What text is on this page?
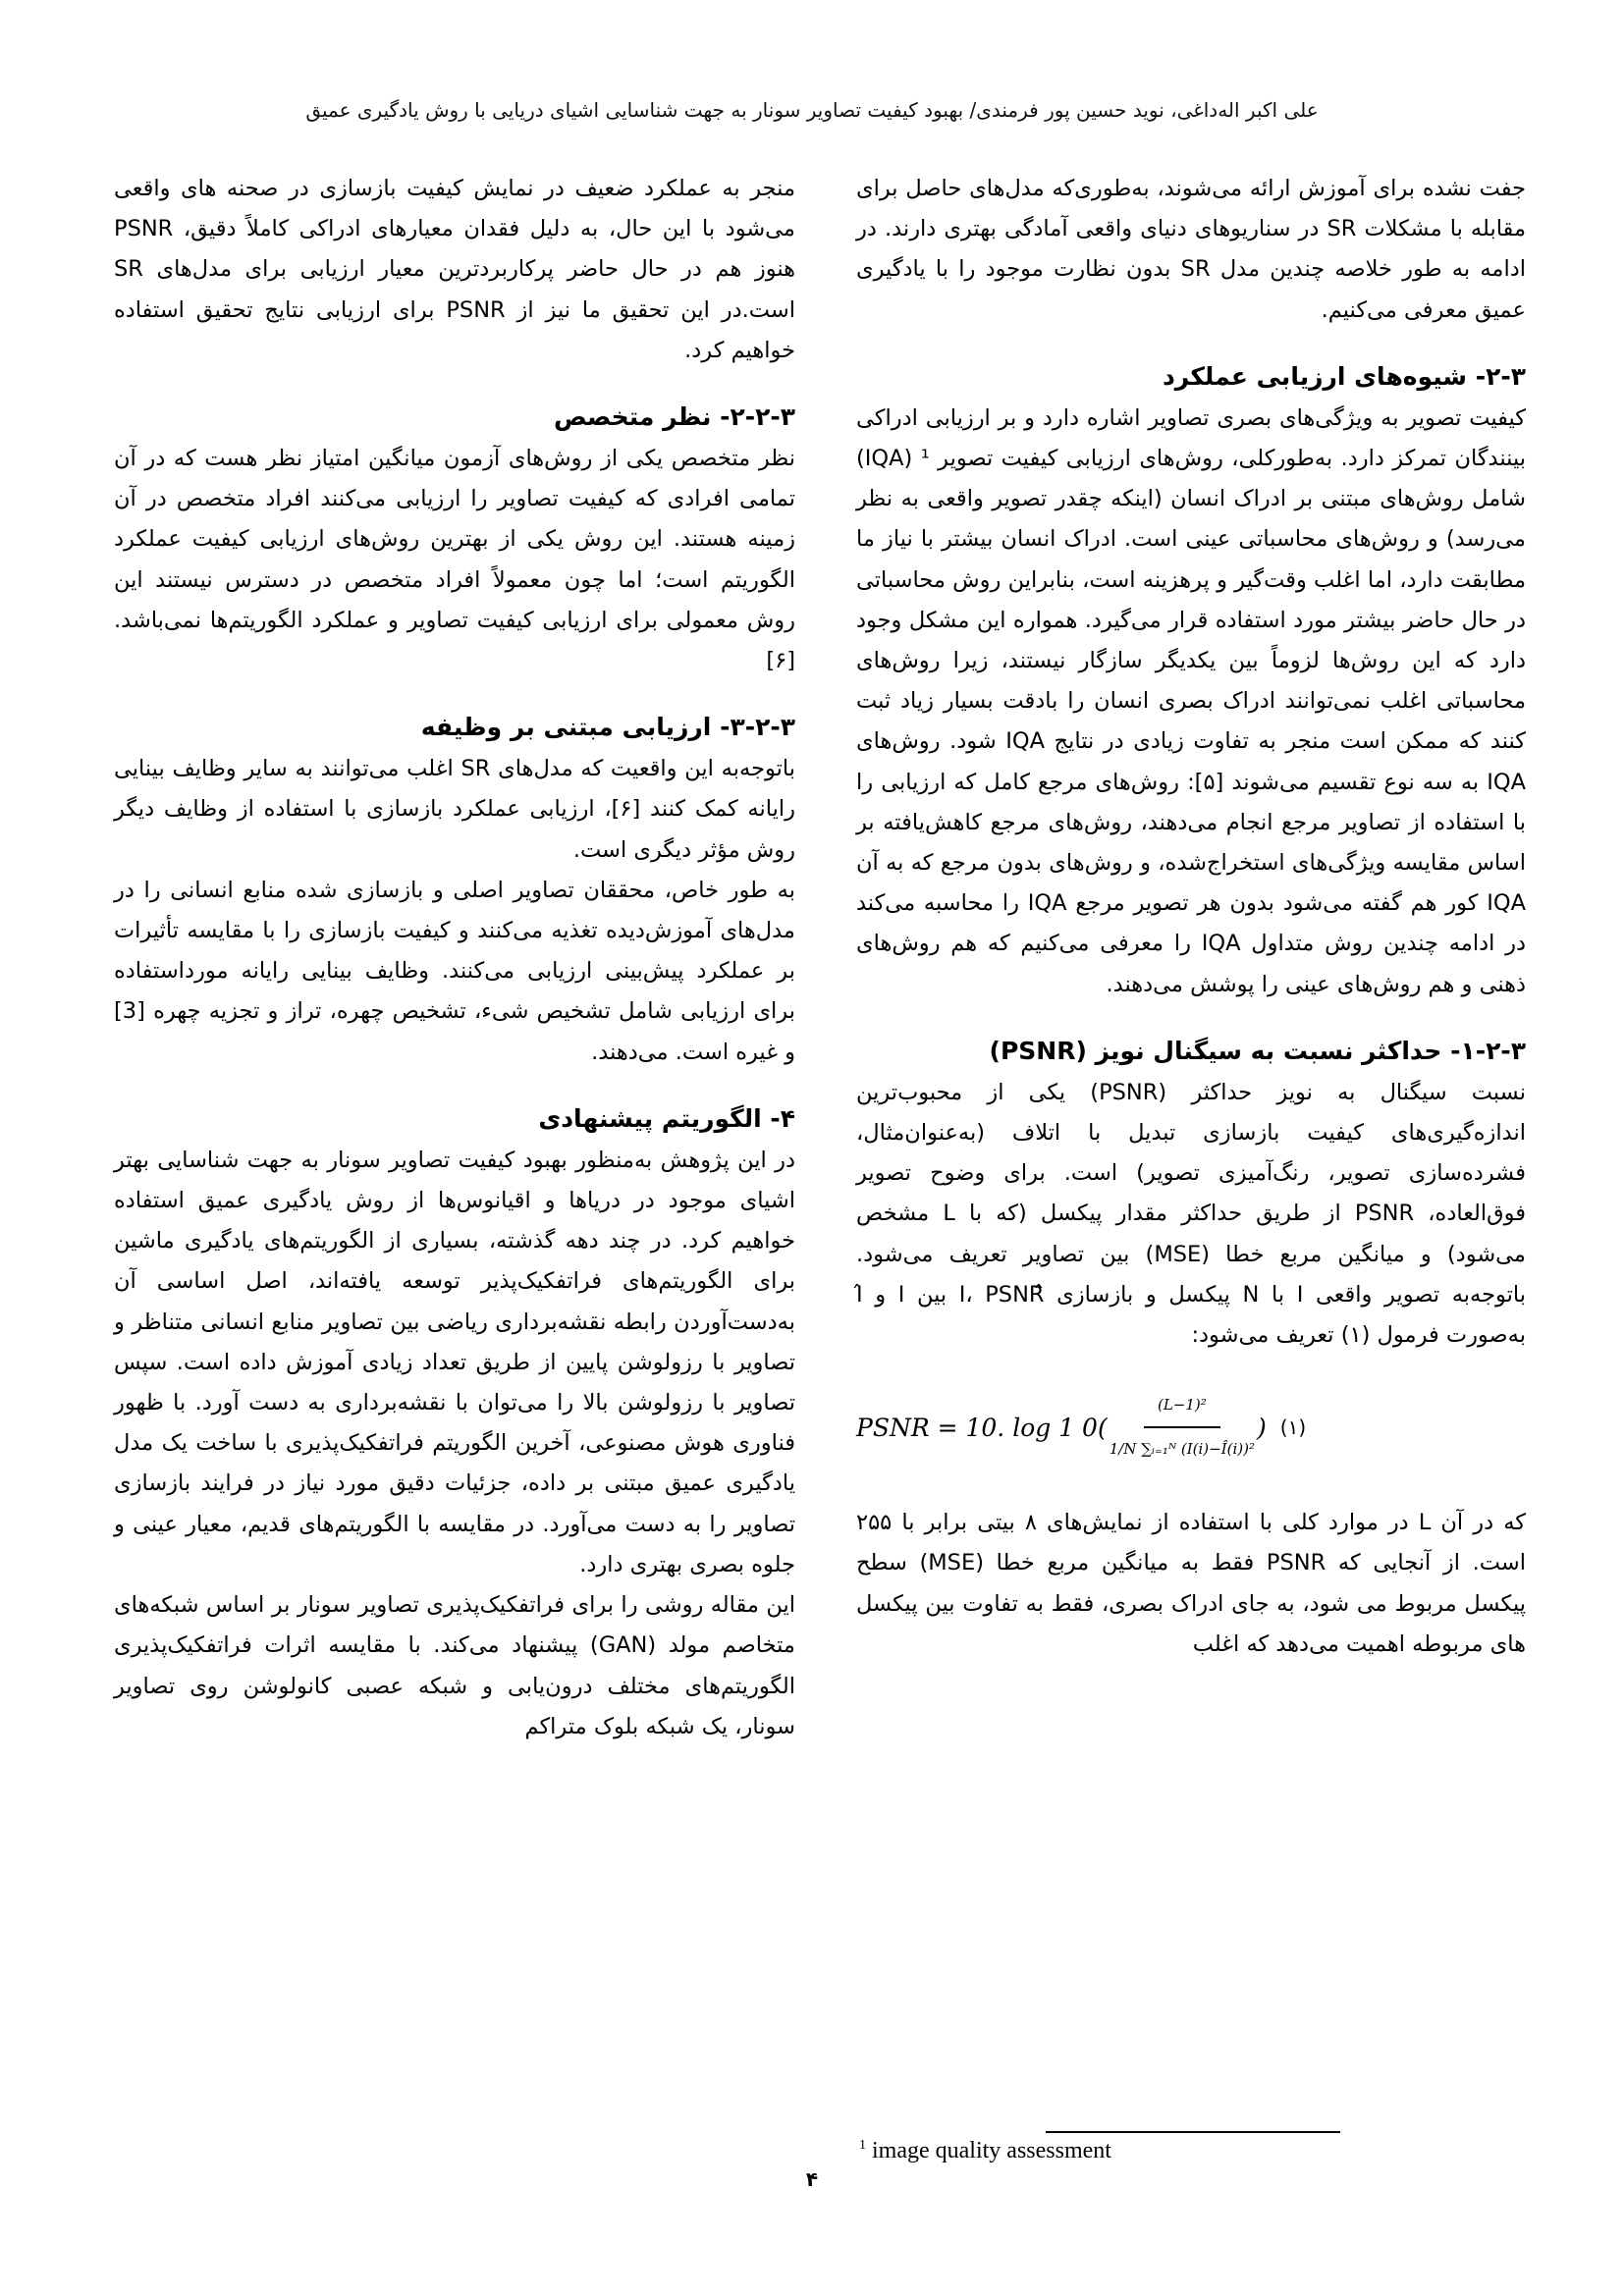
علی اکبر اله‌داغی، نوید حسین پور فرمندی/ بهبود کیفیت تصاویر سونار به جهت شناسایی اشیای دریایی با روش یادگیری عمیق

جفت نشده برای آموزش ارائه می‌شوند، به‌طوری‌که مدل‌های حاصل برای مقابله با مشکلات SR در سناریوهای دنیای واقعی آمادگی بهتری دارند. در ادامه به طور خلاصه چندین مدل SR بدون نظارت موجود را با یادگیری عمیق معرفی می‌کنیم.

۲-۳- شیوه‌های ارزیابی عملکرد

کیفیت تصویر به ویژگی‌های بصری تصاویر اشاره دارد و بر ارزیابی ادراکی بینندگان تمرکز دارد. به‌طورکلی، روش‌های ارزیابی کیفیت تصویر ¹ (IQA) شامل روش‌های مبتنی بر ادراک انسان (اینکه چقدر تصویر واقعی به نظر می‌رسد) و روش‌های محاسباتی عینی است. ادراک انسان بیشتر با نیاز ما مطابقت دارد، اما اغلب وقت‌گیر و پرهزینه است، بنابراین روش محاسباتی در حال حاضر بیشتر مورد استفاده قرار می‌گیرد. همواره این مشکل وجود دارد که این روش‌ها لزوماً بین یکدیگر سازگار نیستند، زیرا روش‌های محاسباتی اغلب نمی‌توانند ادراک بصری انسان را بادقت بسیار زیاد ثبت کنند که ممکن است منجر به تفاوت زیادی در نتایج IQA شود. روش‌های IQA به سه نوع تقسیم می‌شوند [۵]: روش‌های مرجع کامل که ارزیابی را با استفاده از تصاویر مرجع انجام می‌دهند، روش‌های مرجع کاهش‌یافته بر اساس مقایسه ویژگی‌های استخراج‌شده، و روش‌های بدون مرجع که به آن IQA کور هم گفته می‌شود بدون هر تصویر مرجع IQA را محاسبه می‌کند در ادامه چندین روش متداول IQA را معرفی می‌کنیم که هم روش‌های ذهنی و هم روش‌های عینی را پوشش می‌دهند.

۱-۲-۳- حداکثر نسبت به سیگنال نویز (PSNR)

نسبت سیگنال به نویز حداکثر (PSNR) یکی از محبوب‌ترین اندازه‌گیری‌های کیفیت بازسازی تبدیل با اتلاف (به‌عنوان‌مثال، فشرده‌سازی تصویر، رنگ‌آمیزی تصویر) است. برای وضوح تصویر فوق‌العاده، PSNR از طریق حداکثر مقدار پیکسل (که با L مشخص می‌شود) و میانگین مربع خطا (MSE) بین تصاویر تعریف می‌شود. باتوجه‌به تصویر واقعی I با N پیکسل و بازسازی ̂I، PSNR بین I و ̂I به‌صورت فرمول (۱) تعریف می‌شود:

PSNR = 10. log 1 $0( \frac{\text{(L−1)²}}{\text{1/N ∑ᵢ₌₁ᴺ (I(i)−Î(i))²}}$ ) (۱)

که در آن L در موارد کلی با استفاده از نمایش‌های ۸ بیتی برابر با ۲۵۵ است. از آنجایی که PSNR فقط به میانگین مربع خطا (MSE) سطح پیکسل مربوط می شود، به جای ادراک بصری، فقط به تفاوت بین پیکسل های مربوطه اهمیت می‌دهد که اغلب

منجر به عملکرد ضعیف در نمایش کیفیت بازسازی در صحنه های واقعی می‌شود با این حال، به دلیل فقدان معیارهای ادراکی کاملاً دقیق، PSNR هنوز هم در حال حاضر پرکاربردترین معیار ارزیابی برای مدل‌های SR است.در این تحقیق ما نیز از PSNR برای ارزیابی نتایج تحقیق استفاده خواهیم کرد.

۲-۲-۳- نظر متخصص

نظر متخصص یکی از روش‌های آزمون میانگین امتیاز نظر هست که در آن تمامی افرادی که کیفیت تصاویر را ارزیابی می‌کنند افراد متخصص در آن زمینه هستند. این روش یکی از بهترین روش‌های ارزیابی کیفیت عملکرد الگوریتم است؛ اما چون معمولاً افراد متخصص در دسترس نیستند این روش معمولی برای ارزیابی کیفیت تصاویر و عملکرد الگوریتم‌ها نمی‌باشد. [۶]

۳-۲-۳- ارزیابی مبتنی بر وظیفه

باتوجه‌به این واقعیت که مدل‌های SR اغلب می‌توانند به سایر وظایف بینایی رایانه کمک کنند [۶]، ارزیابی عملکرد بازسازی با استفاده از وظایف دیگر روش مؤثر دیگری است.

به طور خاص، محققان تصاویر اصلی و بازسازی شده منابع انسانی را در مدل‌های آموزش‌دیده تغذیه می‌کنند و کیفیت بازسازی را با مقایسه تأثیرات بر عملکرد پیش‌بینی ارزیابی می‌کنند. وظایف بینایی رایانه مورداستفاده برای ارزیابی شامل تشخیص شیء، تشخیص چهره، تراز و تجزیه چهره [3] و غیره است. می‌دهند.

۴- الگوریتم پیشنهادی

در این پژوهش به‌منظور بهبود کیفیت تصاویر سونار به جهت شناسایی بهتر اشیای موجود در دریاها و اقیانوس‌ها از روش یادگیری عمیق استفاده خواهیم کرد. در چند دهه گذشته، بسیاری از الگوریتم‌های یادگیری ماشین برای الگوریتم‌های فراتفکیک‌پذیر توسعه یافته‌اند، اصل اساسی آن به‌دست‌آوردن رابطه نقشه‌برداری ریاضی بین تصاویر منابع انسانی متناظر و تصاویر با رزولوشن پایین از طریق تعداد زیادی آموزش داده است. سپس تصاویر با رزولوشن بالا را می‌توان با نقشه‌برداری به دست آورد. با ظهور فناوری هوش مصنوعی، آخرین الگوریتم فراتفکیک‌پذیری با ساخت یک مدل یادگیری عمیق مبتنی بر داده، جزئیات دقیق مورد نیاز در فرایند بازسازی تصاویر را به دست می‌آورد. در مقایسه با الگوریتم‌های قدیم، معیار عینی و جلوه بصری بهتری دارد.

این مقاله روشی را برای فراتفکیک‌پذیری تصاویر سونار بر اساس شبکه‌های متخاصم مولد (GAN) پیشنهاد می‌کند. با مقایسه اثرات فراتفکیک‌پذیری الگوریتم‌های مختلف درون‌یابی و شبکه عصبی کانولوشن روی تصاویر سونار، یک شبکه بلوک متراکم

$^1$ image quality assessment
۴
